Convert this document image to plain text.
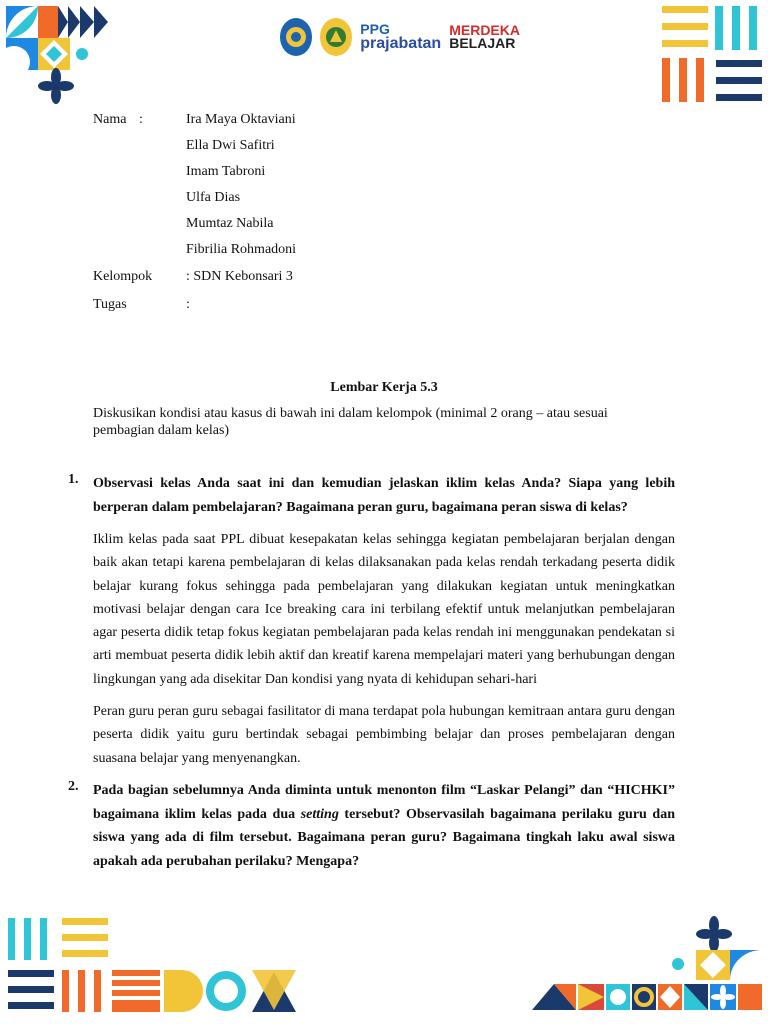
PPG
prajabatan
MERDEKA
BELAJAR
Nama :	Ira Maya Oktaviani
Ella Dwi Safitri
Imam Tabroni
Ulfa Dias
Mumtaz Nabila
Fibrilia Rohmadoni
Kelompok : SDN Kebonsari 3
Tugas	:
Lembar Kerja 5.3
Diskusikan kondisi atau kasus di bawah ini dalam kelompok (minimal 2 orang – atau sesuai pembagian dalam kelas)
1. Observasi kelas Anda saat ini dan kemudian jelaskan iklim kelas Anda? Siapa yang lebih berperan dalam pembelajaran? Bagaimana peran guru, bagaimana peran siswa di kelas?
Iklim kelas pada saat PPL dibuat kesepakatan kelas sehingga kegiatan pembelajaran berjalan dengan baik akan tetapi karena pembelajaran di kelas dilaksanakan pada kelas rendah terkadang peserta didik belajar kurang fokus sehingga pada pembelajaran yang dilakukan kegiatan untuk meningkatkan motivasi belajar dengan cara Ice breaking cara ini terbilang efektif untuk melanjutkan pembelajaran agar peserta didik tetap fokus kegiatan pembelajaran pada kelas rendah ini menggunakan pendekatan si arti membuat peserta didik lebih aktif dan kreatif karena mempelajari materi yang berhubungan dengan lingkungan yang ada disekitar Dan kondisi yang nyata di kehidupan sehari-hari
Peran guru peran guru sebagai fasilitator di mana terdapat pola hubungan kemitraan antara guru dengan peserta didik yaitu guru bertindak sebagai pembimbing belajar dan proses pembelajaran dengan suasana belajar yang menyenangkan.
2. Pada bagian sebelumnya Anda diminta untuk menonton film “Laskar Pelangi” dan “HICHKI” bagaimana iklim kelas pada dua setting tersebut? Observasilah bagaimana perilaku guru dan siswa yang ada di film tersebut. Bagaimana peran guru? Bagaimana tingkah laku awal siswa apakah ada perubahan perilaku? Mengapa?
